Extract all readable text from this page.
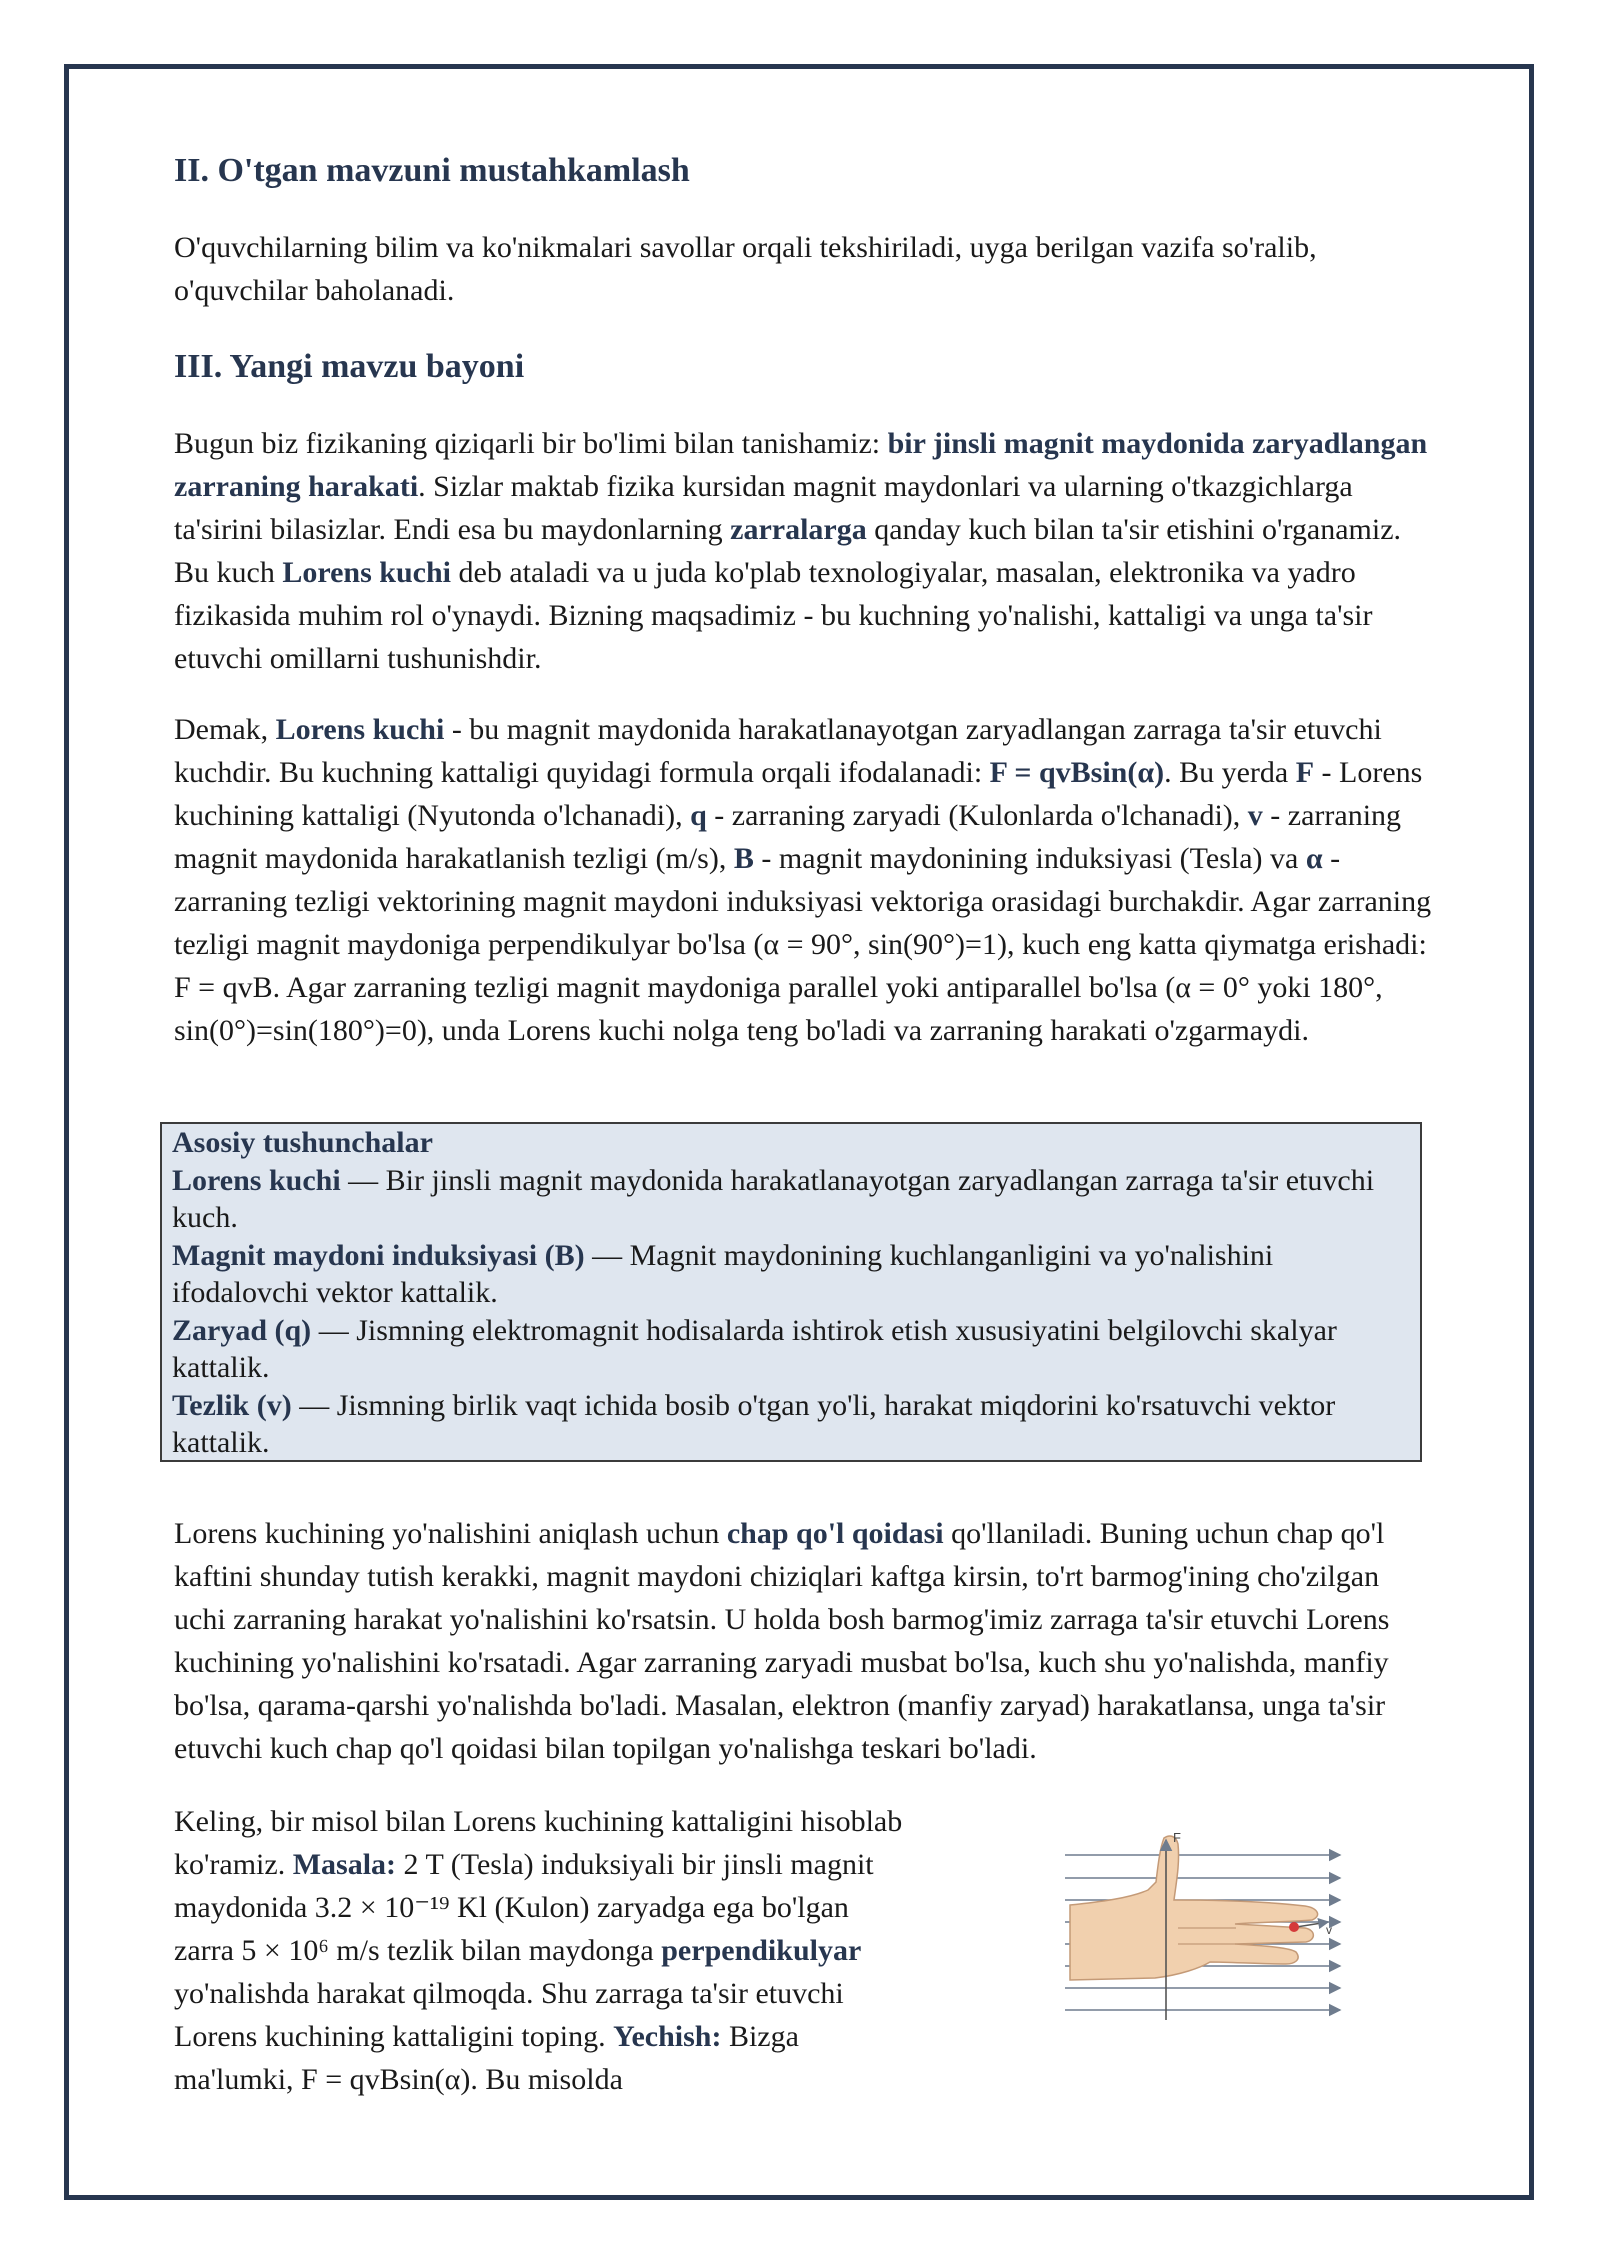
II. O'tgan mavzuni mustahkamlash

O'quvchilarning bilim va ko'nikmalari savollar orqali tekshiriladi, uyga berilgan vazifa so'ralib, o'quvchilar baholanadi.

III. Yangi mavzu bayoni

Bugun biz fizikaning qiziqarli bir bo'limi bilan tanishamiz: bir jinsli magnit maydonida zaryadlangan zarraning harakati. Sizlar maktab fizika kursidan magnit maydonlari va ularning o'tkazgichlarga ta'sirini bilasizlar. Endi esa bu maydonlarning zarralarga qanday kuch bilan ta'sir etishini o'rganamiz. Bu kuch Lorens kuchi deb ataladi va u juda ko'plab texnologiyalar, masalan, elektronika va yadro fizikasida muhim rol o'ynaydi. Bizning maqsadimiz - bu kuchning yo'nalishi, kattaligi va unga ta'sir etuvchi omillarni tushunishdir.

Demak, Lorens kuchi - bu magnit maydonida harakatlanayotgan zaryadlangan zarraga ta'sir etuvchi kuchdir. Bu kuchning kattaligi quyidagi formula orqali ifodalanadi: F = qvBsin(α). Bu yerda F - Lorens kuchining kattaligi (Nyutonda o'lchanadi), q - zarraning zaryadi (Kulonlarda o'lchanadi), v - zarraning magnit maydonida harakatlanish tezligi (m/s), B - magnit maydonining induksiyasi (Tesla) va α - zarraning tezligi vektorining magnit maydoni induksiyasi vektoriga orasidagi burchakdir. Agar zarraning tezligi magnit maydoniga perpendikulyar bo'lsa (α = 90°, sin(90°)=1), kuch eng katta qiymatga erishadi: F = qvB. Agar zarraning tezligi magnit maydoniga parallel yoki antiparallel bo'lsa (α = 0° yoki 180°, sin(0°)=sin(180°)=0), unda Lorens kuchi nolga teng bo'ladi va zarraning harakati o'zgarmaydi.

Asosiy tushunchalar

Lorens kuchi — Bir jinsli magnit maydonida harakatlanayotgan zaryadlangan zarraga ta'sir etuvchi kuch.

Magnit maydoni induksiyasi (B) — Magnit maydonining kuchlanganligini va yo'nalishini ifodalovchi vektor kattalik.

Zaryad (q) — Jismning elektromagnit hodisalarda ishtirok etish xususiyatini belgilovchi skalyar kattalik.

Tezlik (v) — Jismning birlik vaqt ichida bosib o'tgan yo'li, harakat miqdorini ko'rsatuvchi vektor kattalik.

Lorens kuchining yo'nalishini aniqlash uchun chap qo'l qoidasi qo'llaniladi. Buning uchun chap qo'l kaftini shunday tutish kerakki, magnit maydoni chiziqlari kaftga kirsin, to'rt barmog'ining cho'zilgan uchi zarraning harakat yo'nalishini ko'rsatsin. U holda bosh barmog'imiz zarraga ta'sir etuvchi Lorens kuchining yo'nalishini ko'rsatadi. Agar zarraning zaryadi musbat bo'lsa, kuch shu yo'nalishda, manfiy bo'lsa, qarama-qarshi yo'nalishda bo'ladi. Masalan, elektron (manfiy zaryad) harakatlansa, unga ta'sir etuvchi kuch chap qo'l qoidasi bilan topilgan yo'nalishga teskari bo'ladi.

Keling, bir misol bilan Lorens kuchining kattaligini hisoblab ko'ramiz. Masala: 2 T (Tesla) induksiyali bir jinsli magnit maydonida 3.2 × 10⁻¹⁹ Kl (Kulon) zaryadga ega bo'lgan zarra 5 × 10⁶ m/s tezlik bilan maydonga perpendikulyar yo'nalishda harakat qilmoqda. Shu zarraga ta'sir etuvchi Lorens kuchining kattaligini toping. Yechish: Bizga ma'lumki, F = qvBsin(α). Bu misolda

F
v
